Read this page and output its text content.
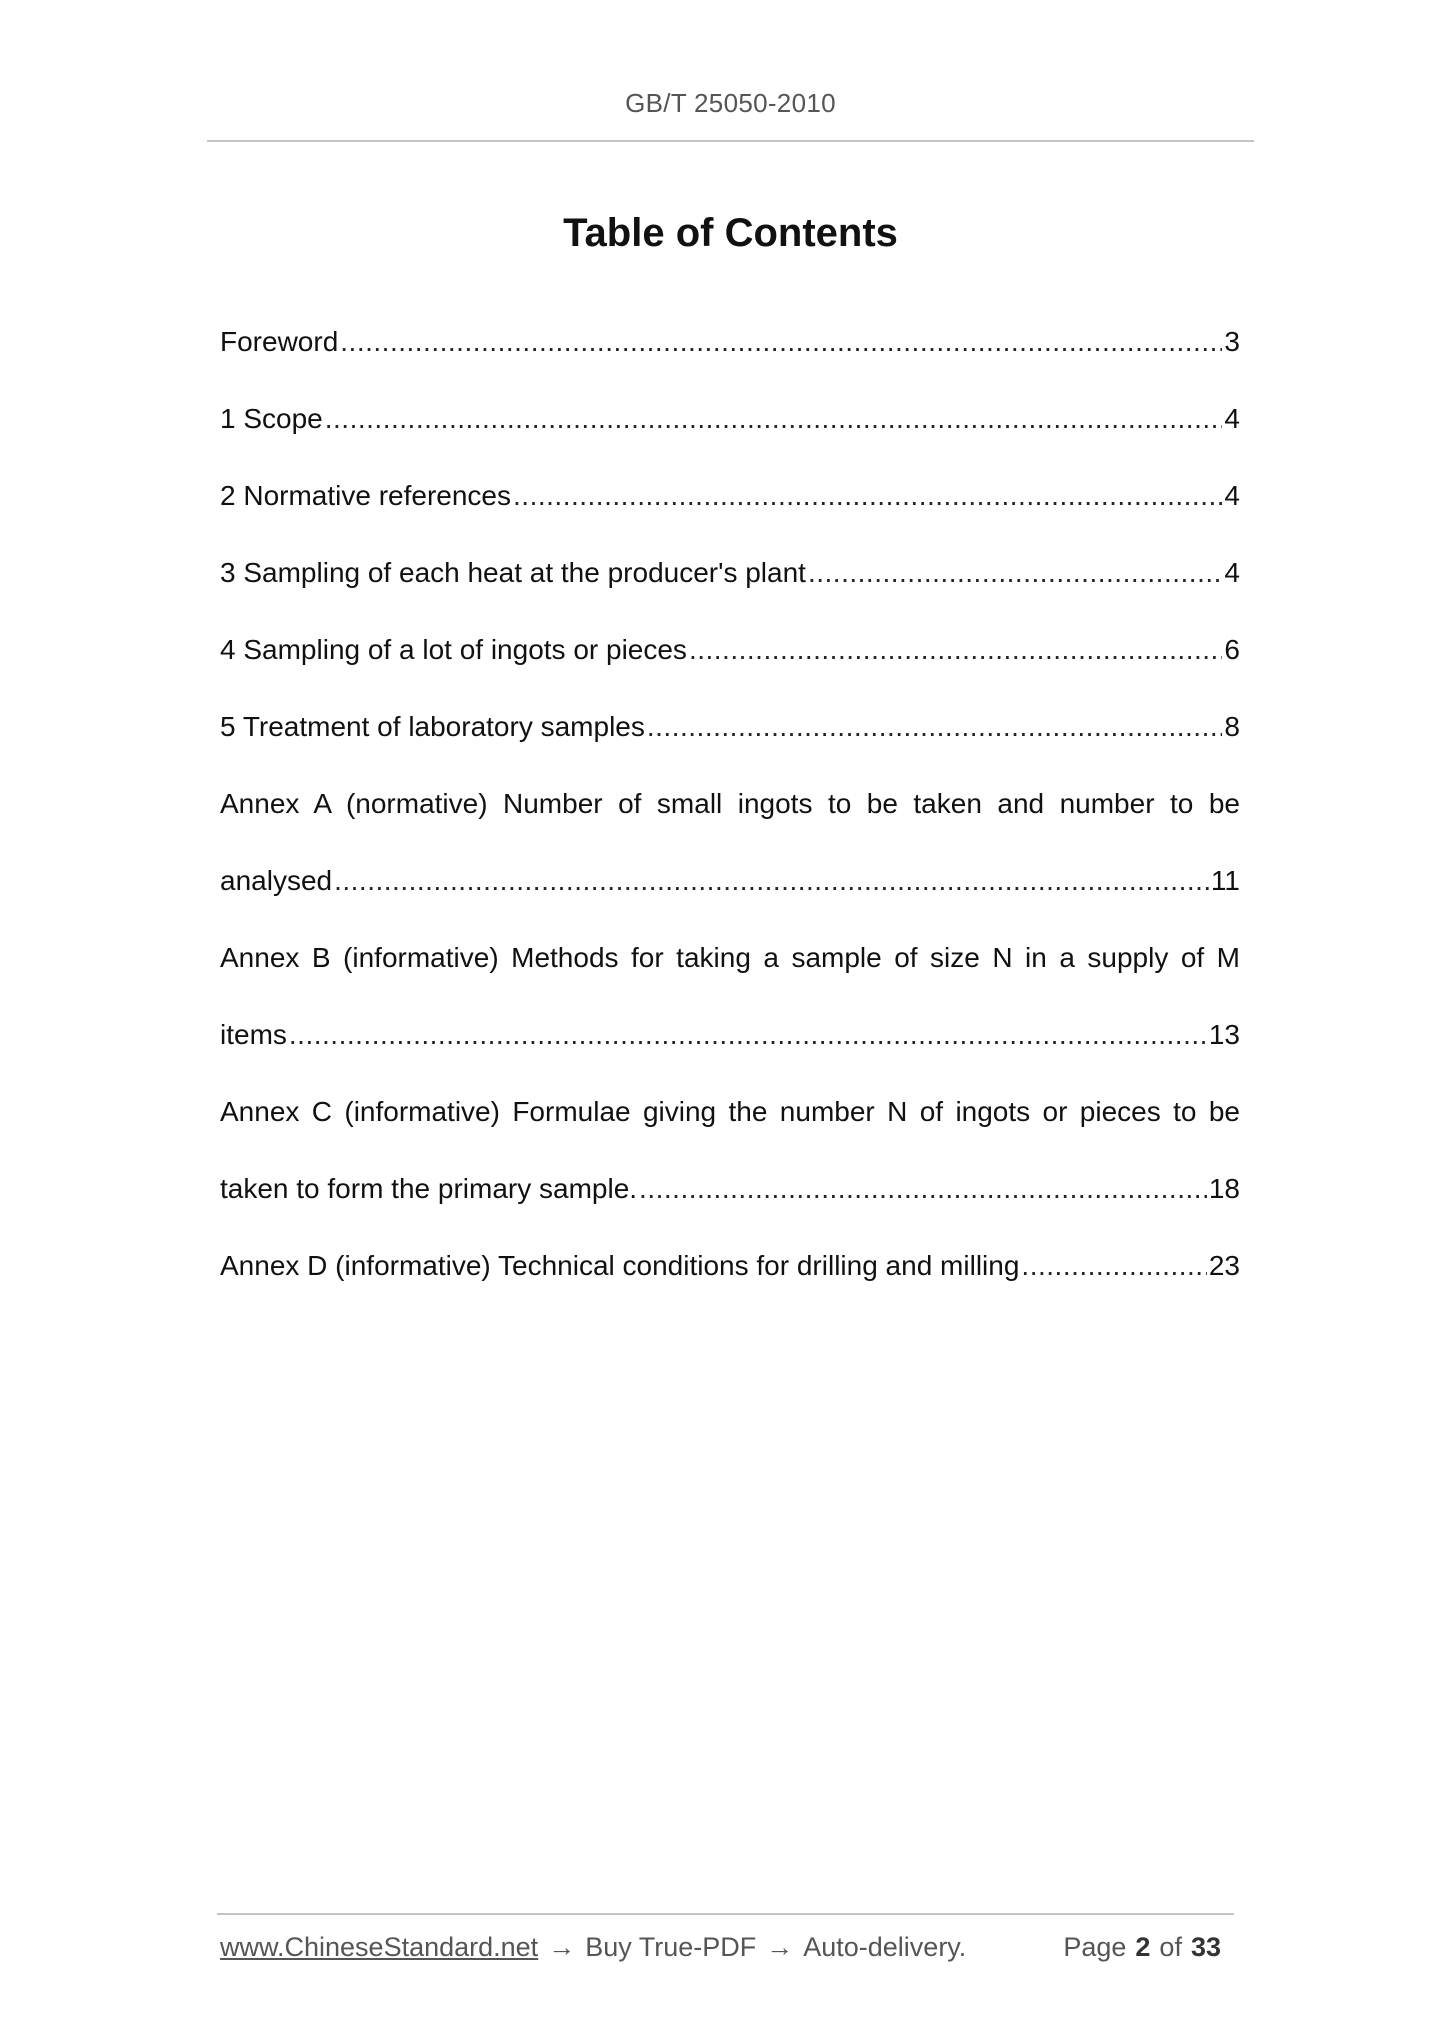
GB/T 25050-2010
Table of Contents
Foreword .....	3
1 Scope .....	4
2 Normative references .....	4
3 Sampling of each heat at the producer's plant .....	4
4 Sampling of a lot of ingots or pieces .....	6
5 Treatment of laboratory samples .....	8
Annex A (normative) Number of small ingots to be taken and number to be
analysed .....	11
Annex B (informative) Methods for taking a sample of size N in a supply of M
items .....	13
Annex C (informative) Formulae giving the number N of ingots or pieces to be
taken to form the primary sample. .....	18
Annex D (informative) Technical conditions for drilling and milling .....	23
www.ChineseStandard.net → Buy True-PDF → Auto-delivery.	Page 2 of 33
